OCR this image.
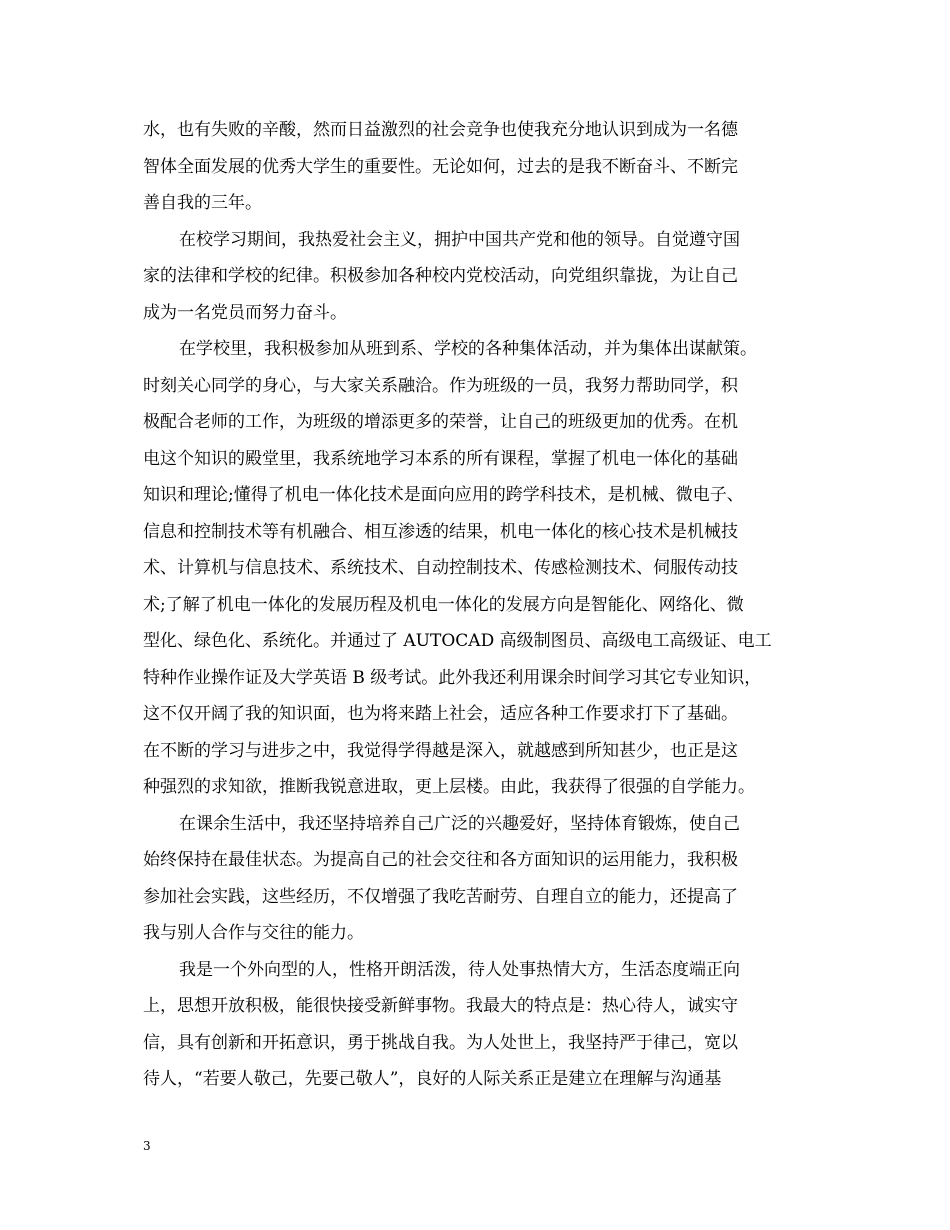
水，也有失败的辛酸，然而日益激烈的社会竞争也使我充分地认识到成为一名德
智体全面发展的优秀大学生的重要性。无论如何，过去的是我不断奋斗、不断完
善自我的三年。
在校学习期间，我热爱社会主义，拥护中国共产党和他的领导。自觉遵守国
家的法律和学校的纪律。积极参加各种校内党校活动，向党组织靠拢，为让自己
成为一名党员而努力奋斗。
在学校里，我积极参加从班到系、学校的各种集体活动，并为集体出谋献策。
时刻关心同学的身心，与大家关系融洽。作为班级的一员，我努力帮助同学，积
极配合老师的工作，为班级的增添更多的荣誉，让自己的班级更加的优秀。在机
电这个知识的殿堂里，我系统地学习本系的所有课程，掌握了机电一体化的基础
知识和理论;懂得了机电一体化技术是面向应用的跨学科技术，是机械、微电子、
信息和控制技术等有机融合、相互渗透的结果，机电一体化的核心技术是机械技
术、计算机与信息技术、系统技术、自动控制技术、传感检测技术、伺服传动技
术;了解了机电一体化的发展历程及机电一体化的发展方向是智能化、网络化、微
型化、绿色化、系统化。并通过了 AUTOCAD 高级制图员、高级电工高级证、电工
特种作业操作证及大学英语 B 级考试。此外我还利用课余时间学习其它专业知识，
这不仅开阔了我的知识面，也为将来踏上社会，适应各种工作要求打下了基础。
在不断的学习与进步之中，我觉得学得越是深入，就越感到所知甚少，也正是这
种强烈的求知欲，推断我锐意进取，更上层楼。由此，我获得了很强的自学能力。
在课余生活中，我还坚持培养自己广泛的兴趣爱好，坚持体育锻炼，使自己
始终保持在最佳状态。为提高自己的社会交往和各方面知识的运用能力，我积极
参加社会实践，这些经历，不仅增强了我吃苦耐劳、自理自立的能力，还提高了
我与别人合作与交往的能力。
我是一个外向型的人，性格开朗活泼，待人处事热情大方，生活态度端正向
上，思想开放积极，能很快接受新鲜事物。我最大的特点是：热心待人，诚实守
信，具有创新和开拓意识，勇于挑战自我。为人处世上，我坚持严于律己，宽以
待人，“若要人敬己，先要己敬人”，良好的人际关系正是建立在理解与沟通基
3
